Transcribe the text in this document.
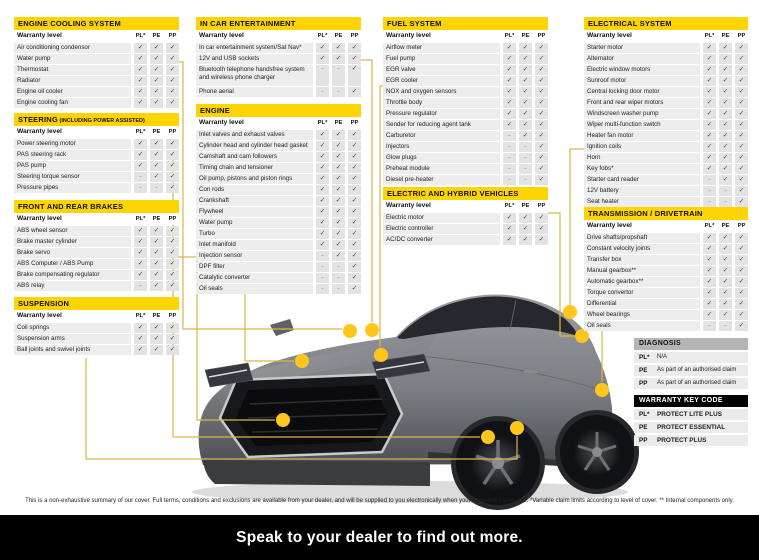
ENGINE COOLING SYSTEM
Warranty level	PL*	PE	PP
Air conditioning condensor	✓	✓	✓
Water pump	✓	✓	✓
Thermostat	✓	✓	✓
Radiator	✓	✓	✓
Engine oil cooler	✓	✓	✓
Engine cooling fan	✓	✓	✓
STEERING (INCLUDING POWER ASSISTED)
Warranty level	PL*	PE	PP
Power steering motor	✓	✓	✓
PAS steering rack	✓	✓	✓
PAS pump	✓	✓	✓
Steering torque sensor	-	✓	✓
Pressure pipes	-	-	✓
FRONT AND REAR BRAKES
Warranty level	PL*	PE	PP
ABS wheel sensor	✓	✓	✓
Brake master cylinder	✓	✓	✓
Brake servo	✓	✓	✓
ABS Computer / ABS Pump	✓	✓	✓
Brake compensating regulator	✓	✓	✓
ABS relay	-	✓	✓
SUSPENSION
Warranty level	PL*	PE	PP
Coil springs	✓	✓	✓
Suspension arms	✓	✓	✓
Ball joints and swivel joints	✓	✓	✓
IN CAR ENTERTAINMENT
Warranty level	PL*	PE	PP
In car entertainment system/Sat Nav*	✓	✓	✓
12V and USB sockets	✓	✓	✓
Bluetooth telephone handsfree system and wireless phone charger
-	-	✓
Phone aerial	-	-	✓
ENGINE
Warranty level	PL*	PE	PP
Inlet valves and exhaust valves	✓	✓	✓
Cylinder head and cylinder head gasket	✓	✓	✓
Camshaft and cam followers	✓	✓	✓
Timing chain and tensioner	✓	✓	✓
Oil pump, pistons and piston rings	✓	✓	✓
Con rods	✓	✓	✓
Crankshaft	✓	✓	✓
Flywheel	✓	✓	✓
Water pump	✓	✓	✓
Turbo	✓	✓	✓
Inlet manifold	✓	✓	✓
Injection sensor	-	✓	✓
DPF filter	-	-	✓
Catalytic converter	-	-	✓
Oil seals	-	-	✓
FUEL SYSTEM
Warranty level	PL*	PE	PP
Airflow meter	✓	✓	✓
Fuel pump	✓	✓	✓
EGR valve	✓	✓	✓
EGR cooler	✓	✓	✓
NOX and oxygen sensors	✓	✓	✓
Throttle body	✓	✓	✓
Pressure regulator	✓	✓	✓
Sender for reducing agent tank	✓	✓	✓
Carburetor	-	✓	✓
Injectors	-	-	✓
Glow plugs	-	-	✓
Preheat module	-	-	✓
Diesel pre-heater	-	-	✓
ELECTRIC AND HYBRID VEHICLES
Warranty level	PL*	PE	PP
Electric motor	✓	✓	✓
Electric controller	✓	✓	✓
AC/DC converter	✓	✓	✓
ELECTRICAL SYSTEM
Warranty level	PL*	PE	PP
Starter motor	✓	✓	✓
Alternator	✓	✓	✓
Electric window motors	✓	✓	✓
Sunroof motor	✓	✓	✓
Central locking door motor	✓	✓	✓
Front and rear wiper motors	✓	✓	✓
Windscreen washer pump	✓	✓	✓
Wiper multi-function switch	✓	✓	✓
Heater fan motor	✓	✓	✓
Ignition coils	✓	✓	✓
Horn	✓	✓	✓
Key fobs*	✓	✓	✓
Starter card reader	-	✓	✓
12V battery	-	-	✓
Seat heater	-	-	✓
TRANSMISSION / DRIVETRAIN
Warranty level	PL*	PE	PP
Drive shafts/propshaft	✓	✓	✓
Constant velocity joints	✓	✓	✓
Transfer box	✓	✓	✓
Manual gearbox**	✓	✓	✓
Automatic gearbox**	✓	✓	✓
Torque convertor	✓	✓	✓
Differential	✓	✓	✓
Wheel bearings	✓	✓	✓
Oil seals	-	-	✓
DIAGNOSIS
PL*	N/A
PE	As part of an authorised claim
PP	As part of an authorised claim
WARRANTY KEY CODE
PL*	PROTECT LITE PLUS
PE	PROTECT ESSENTIAL
PP	PROTECT PLUS
This is a non-exhaustive summary of our cover. Full terms, conditions and exclusions are available from your dealer, and will be supplied to you electronically when your Agreement goes live. *Variable claim limits according to level of cover. ** Internal components only.
Speak to your dealer to find out more.
